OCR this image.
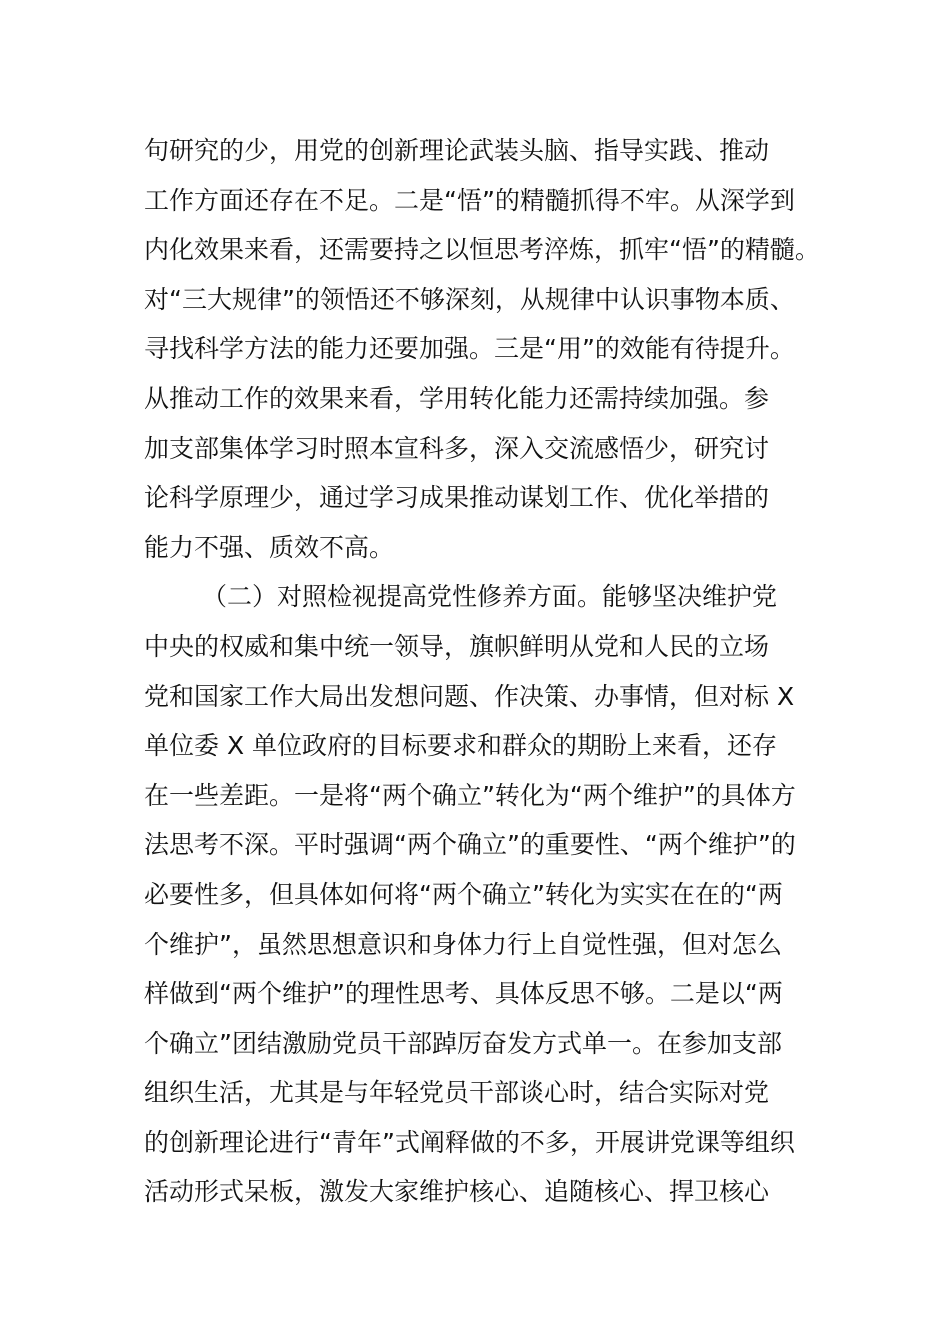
句研究的少，用党的创新理论武装头脑、指导实践、推动
工作方面还存在不足。二是“悟”的精髓抓得不牢。从深学到
内化效果来看，还需要持之以恒思考淬炼，抓牢“悟”的精髓。
对“三大规律”的领悟还不够深刻，从规律中认识事物本质、
寻找科学方法的能力还要加强。三是“用”的效能有待提升。
从推动工作的效果来看，学用转化能力还需持续加强。参
加支部集体学习时照本宣科多，深入交流感悟少，研究讨
论科学原理少，通过学习成果推动谋划工作、优化举措的
能力不强、质效不高。
（二）对照检视提高党性修养方面。能够坚决维护党
中央的权威和集中统一领导，旗帜鲜明从党和人民的立场
党和国家工作大局出发想问题、作决策、办事情，但对标 X
单位委 X 单位政府的目标要求和群众的期盼上来看，还存
在一些差距。一是将“两个确立”转化为“两个维护”的具体方
法思考不深。平时强调“两个确立”的重要性、“两个维护”的
必要性多，但具体如何将“两个确立”转化为实实在在的“两
个维护”，虽然思想意识和身体力行上自觉性强，但对怎么
样做到“两个维护”的理性思考、具体反思不够。二是以“两
个确立”团结激励党员干部踔厉奋发方式单一。在参加支部
组织生活，尤其是与年轻党员干部谈心时，结合实际对党
的创新理论进行“青年”式阐释做的不多，开展讲党课等组织
活动形式呆板，激发大家维护核心、追随核心、捍卫核心
